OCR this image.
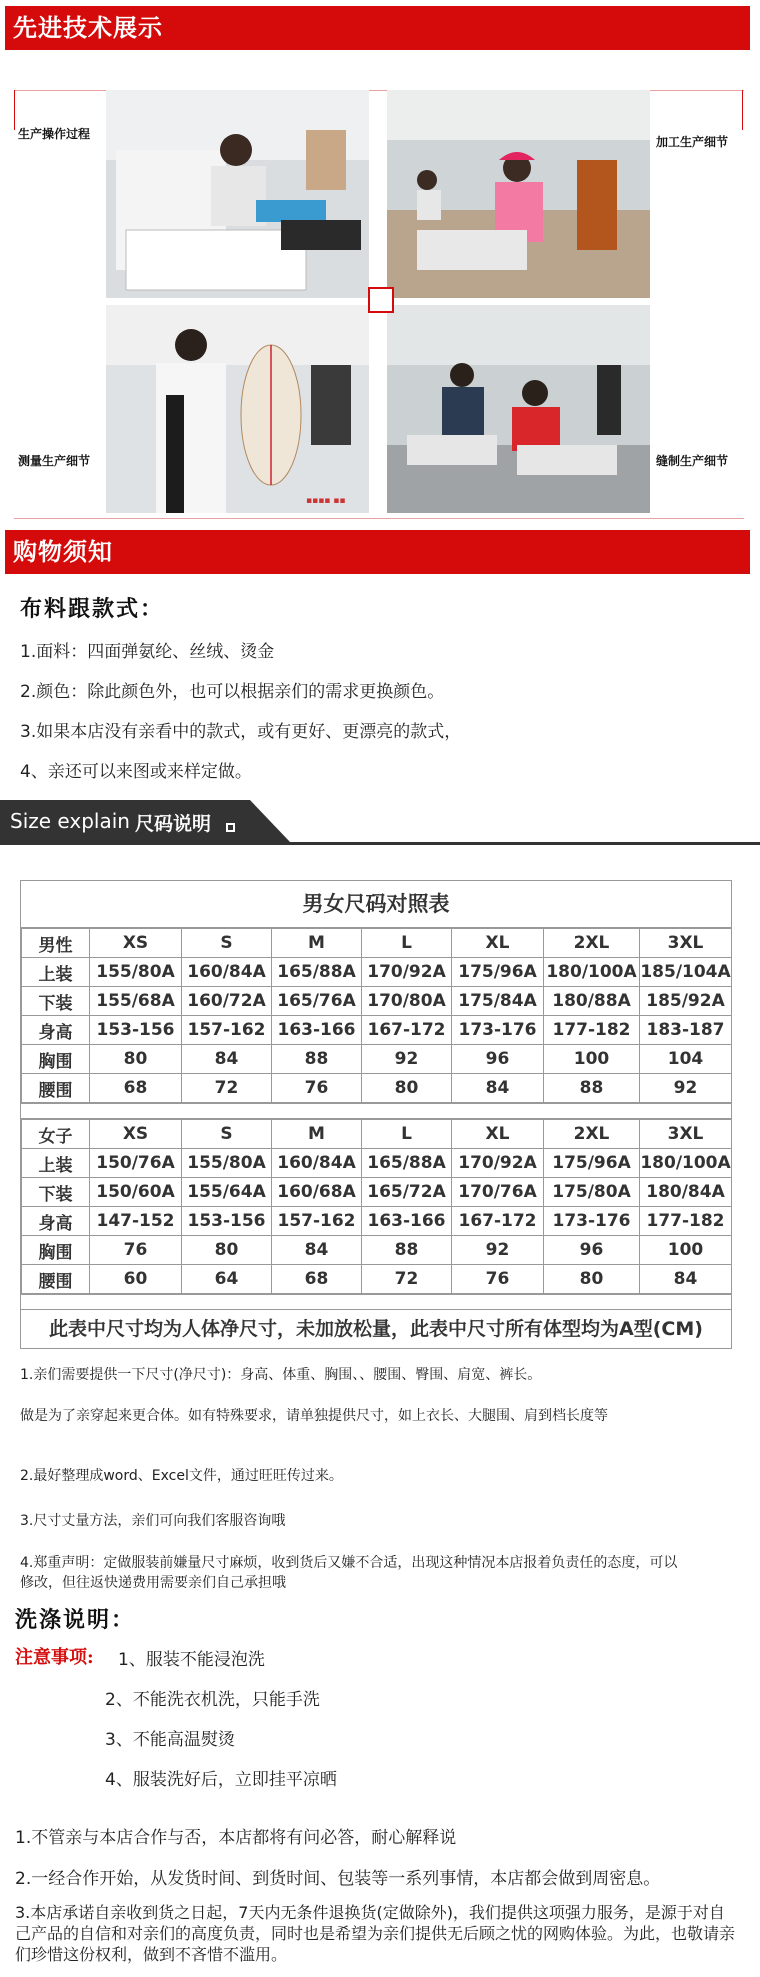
先进技术展示
▪▪▪▪ ▪▪
生产操作过程
加工生产细节
测量生产细节	缝制生产细节
购物须知
布料跟款式：
1.面料：四面弹氨纶、丝绒、烫金
2.颜色：除此颜色外，也可以根据亲们的需求更换颜色。
3.如果本店没有亲看中的款式，或有更好、更漂亮的款式，
4、亲还可以来图或来样定做。
Size explain 尺码说明
男女尺码对照表
男性	XS	S	M	L	XL	2XL	3XL
上装	155/80A	160/84A	165/88A	170/92A	175/96A	180/100A	185/104A
下装	155/68A	160/72A	165/76A	170/80A	175/84A	180/88A	185/92A
身高	153-156	157-162	163-166	167-172	173-176	177-182	183-187
胸围	80	84	88	92	96	100	104
腰围	68	72	76	80	84	88	92
女子	XS	S	M	L	XL	2XL	3XL
上装	150/76A	155/80A	160/84A	165/88A	170/92A	175/96A	180/100A
下装	150/60A	155/64A	160/68A	165/72A	170/76A	175/80A	180/84A
身高	147-152	153-156	157-162	163-166	167-172	173-176	177-182
胸围	76	80	84	88	92	96	100
腰围	60	64	68	72	76	80	84
此表中尺寸均为人体净尺寸，未加放松量，此表中尺寸所有体型均为A型(CM)
1.亲们需要提供一下尺寸(净尺寸)：身高、体重、胸围、、腰围、臀围、肩宽、裤长。
做是为了亲穿起来更合体。如有特殊要求，请单独提供尺寸，如上衣长、大腿围、肩到档长度等
2.最好整理成word、Excel文件，通过旺旺传过来。
3.尺寸丈量方法，亲们可向我们客服咨询哦
4.郑重声明：定做服装前嫌量尺寸麻烦，收到货后又嫌不合适，出现这种情况本店报着负责任的态度，可以修改，但往返快递费用需要亲们自己承担哦
洗涤说明：
注意事项: 1、服装不能浸泡洗
2、不能洗衣机洗，只能手洗
3、不能高温熨烫
4、服装洗好后，立即挂平凉晒
1.不管亲与本店合作与否，本店都将有问必答，耐心解释说
2.一经合作开始，从发货时间、到货时间、包装等一系列事情，本店都会做到周密息。
3.本店承诺自亲收到货之日起，7天内无条件退换货(定做除外)，我们提供这项强力服务，是源于对自己产品的自信和对亲们的高度负责，同时也是希望为亲们提供无后顾之忧的网购体验。为此，也敬请亲们珍惜这份权利，做到不吝惜不滥用。
